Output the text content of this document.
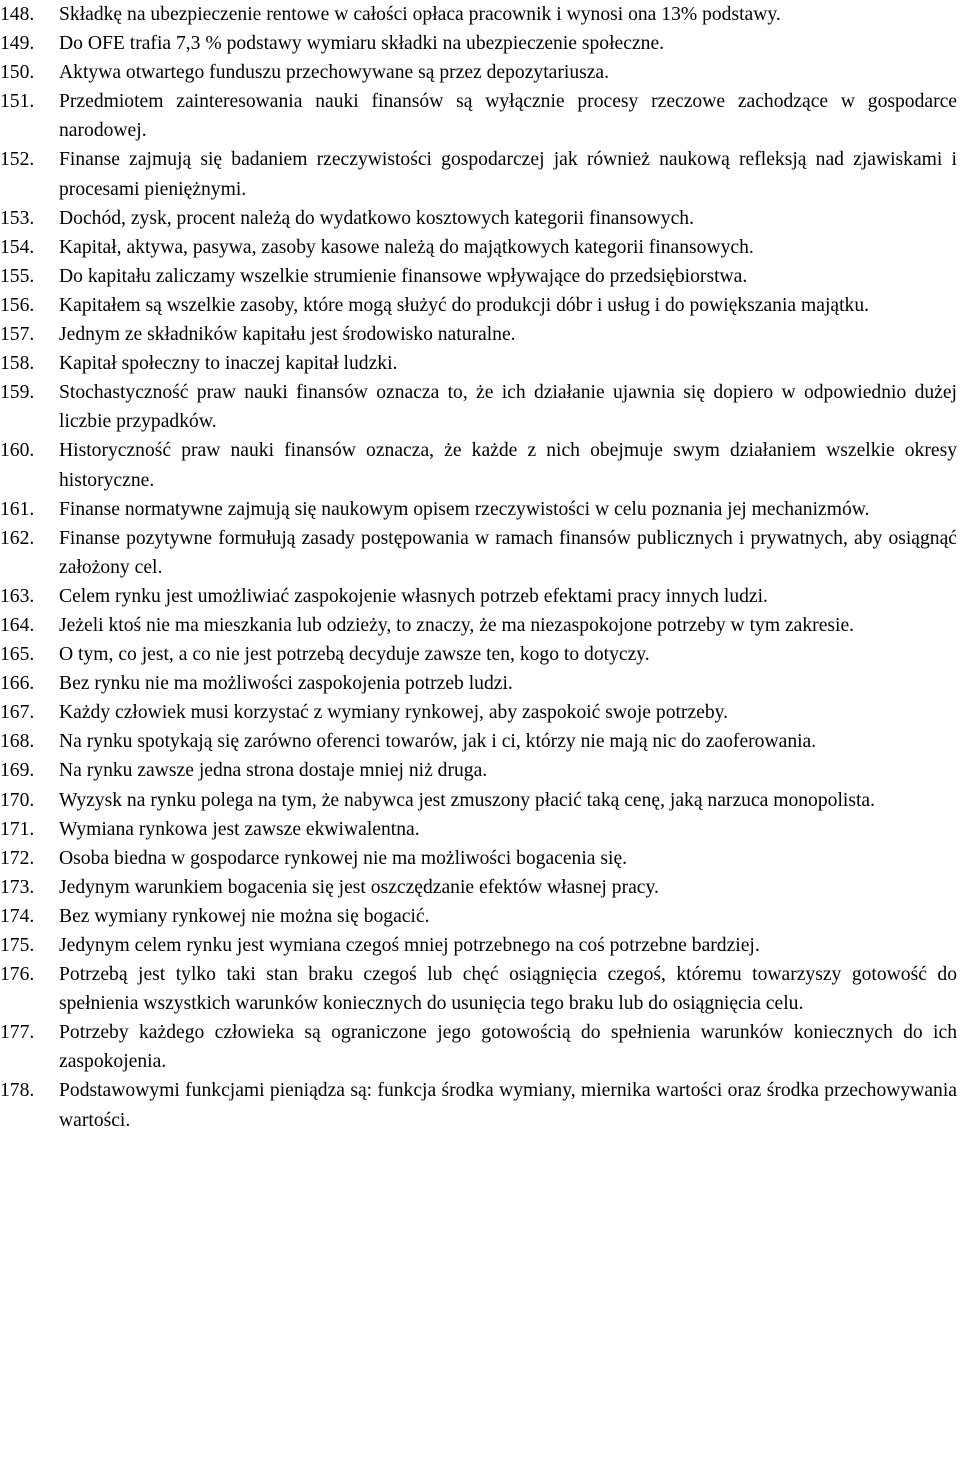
148.	Składkę na ubezpieczenie rentowe w całości opłaca pracownik i wynosi ona 13% podstawy.
149.	Do OFE trafia 7,3 % podstawy wymiaru składki na ubezpieczenie społeczne.
150.	Aktywa otwartego funduszu przechowywane są przez depozytariusza.
151.	Przedmiotem zainteresowania nauki finansów są wyłącznie procesy rzeczowe zachodzące w gospodarce narodowej.
152.	Finanse zajmują się badaniem rzeczywistości gospodarczej jak również naukową refleksją nad zjawiskami i procesami pieniężnymi.
153.	Dochód, zysk, procent należą do wydatkowo kosztowych kategorii finansowych.
154.	Kapitał, aktywa, pasywa, zasoby kasowe należą do majątkowych kategorii finansowych.
155.	Do kapitału zaliczamy wszelkie strumienie finansowe wpływające do przedsiębiorstwa.
156.	Kapitałem są wszelkie zasoby, które mogą służyć do produkcji dóbr i usług i do powiększania majątku.
157.	Jednym ze składników kapitału jest środowisko naturalne.
158.	Kapitał społeczny to inaczej kapitał ludzki.
159.	Stochastyczność praw nauki finansów oznacza to, że ich działanie ujawnia się dopiero w odpowiednio dużej liczbie przypadków.
160.	Historyczność praw nauki finansów oznacza, że każde z nich obejmuje swym działaniem wszelkie okresy historyczne.
161.	Finanse normatywne zajmują się naukowym opisem rzeczywistości w celu poznania jej mechanizmów.
162.	Finanse pozytywne formułują zasady postępowania w ramach finansów publicznych i prywatnych, aby osiągnąć założony cel.
163.	Celem rynku jest umożliwiać zaspokojenie własnych potrzeb efektami pracy innych ludzi.
164.	Jeżeli ktoś nie ma mieszkania lub odzieży, to znaczy, że ma niezaspokojone potrzeby w tym zakresie.
165.	O tym, co jest, a co nie jest potrzebą decyduje zawsze ten, kogo to dotyczy.
166.	Bez rynku nie ma możliwości zaspokojenia potrzeb ludzi.
167.	Każdy człowiek musi korzystać z wymiany rynkowej, aby zaspokoić swoje potrzeby.
168.	Na rynku spotykają się zarówno oferenci towarów, jak i ci, którzy nie mają nic do zaoferowania.
169.	Na rynku zawsze jedna strona dostaje mniej niż druga.
170.	Wyzysk na rynku polega na tym, że nabywca jest zmuszony płacić taką cenę, jaką narzuca monopolista.
171.	Wymiana rynkowa jest zawsze ekwiwalentna.
172.	Osoba biedna w gospodarce rynkowej nie ma możliwości bogacenia się.
173.	Jedynym warunkiem bogacenia się jest oszczędzanie efektów własnej pracy.
174.	Bez wymiany rynkowej nie można się bogacić.
175.	Jedynym celem rynku jest wymiana czegoś mniej potrzebnego na coś potrzebne bardziej.
176.	Potrzebą jest tylko taki stan braku czegoś lub chęć osiągnięcia czegoś, któremu towarzyszy gotowość do spełnienia wszystkich warunków koniecznych do usunięcia tego braku lub do osiągnięcia celu.
177.	Potrzeby każdego człowieka są ograniczone jego gotowością do spełnienia warunków koniecznych do ich zaspokojenia.
178.	Podstawowymi funkcjami pieniądza są: funkcja środka wymiany, miernika wartości oraz środka przechowywania wartości.
